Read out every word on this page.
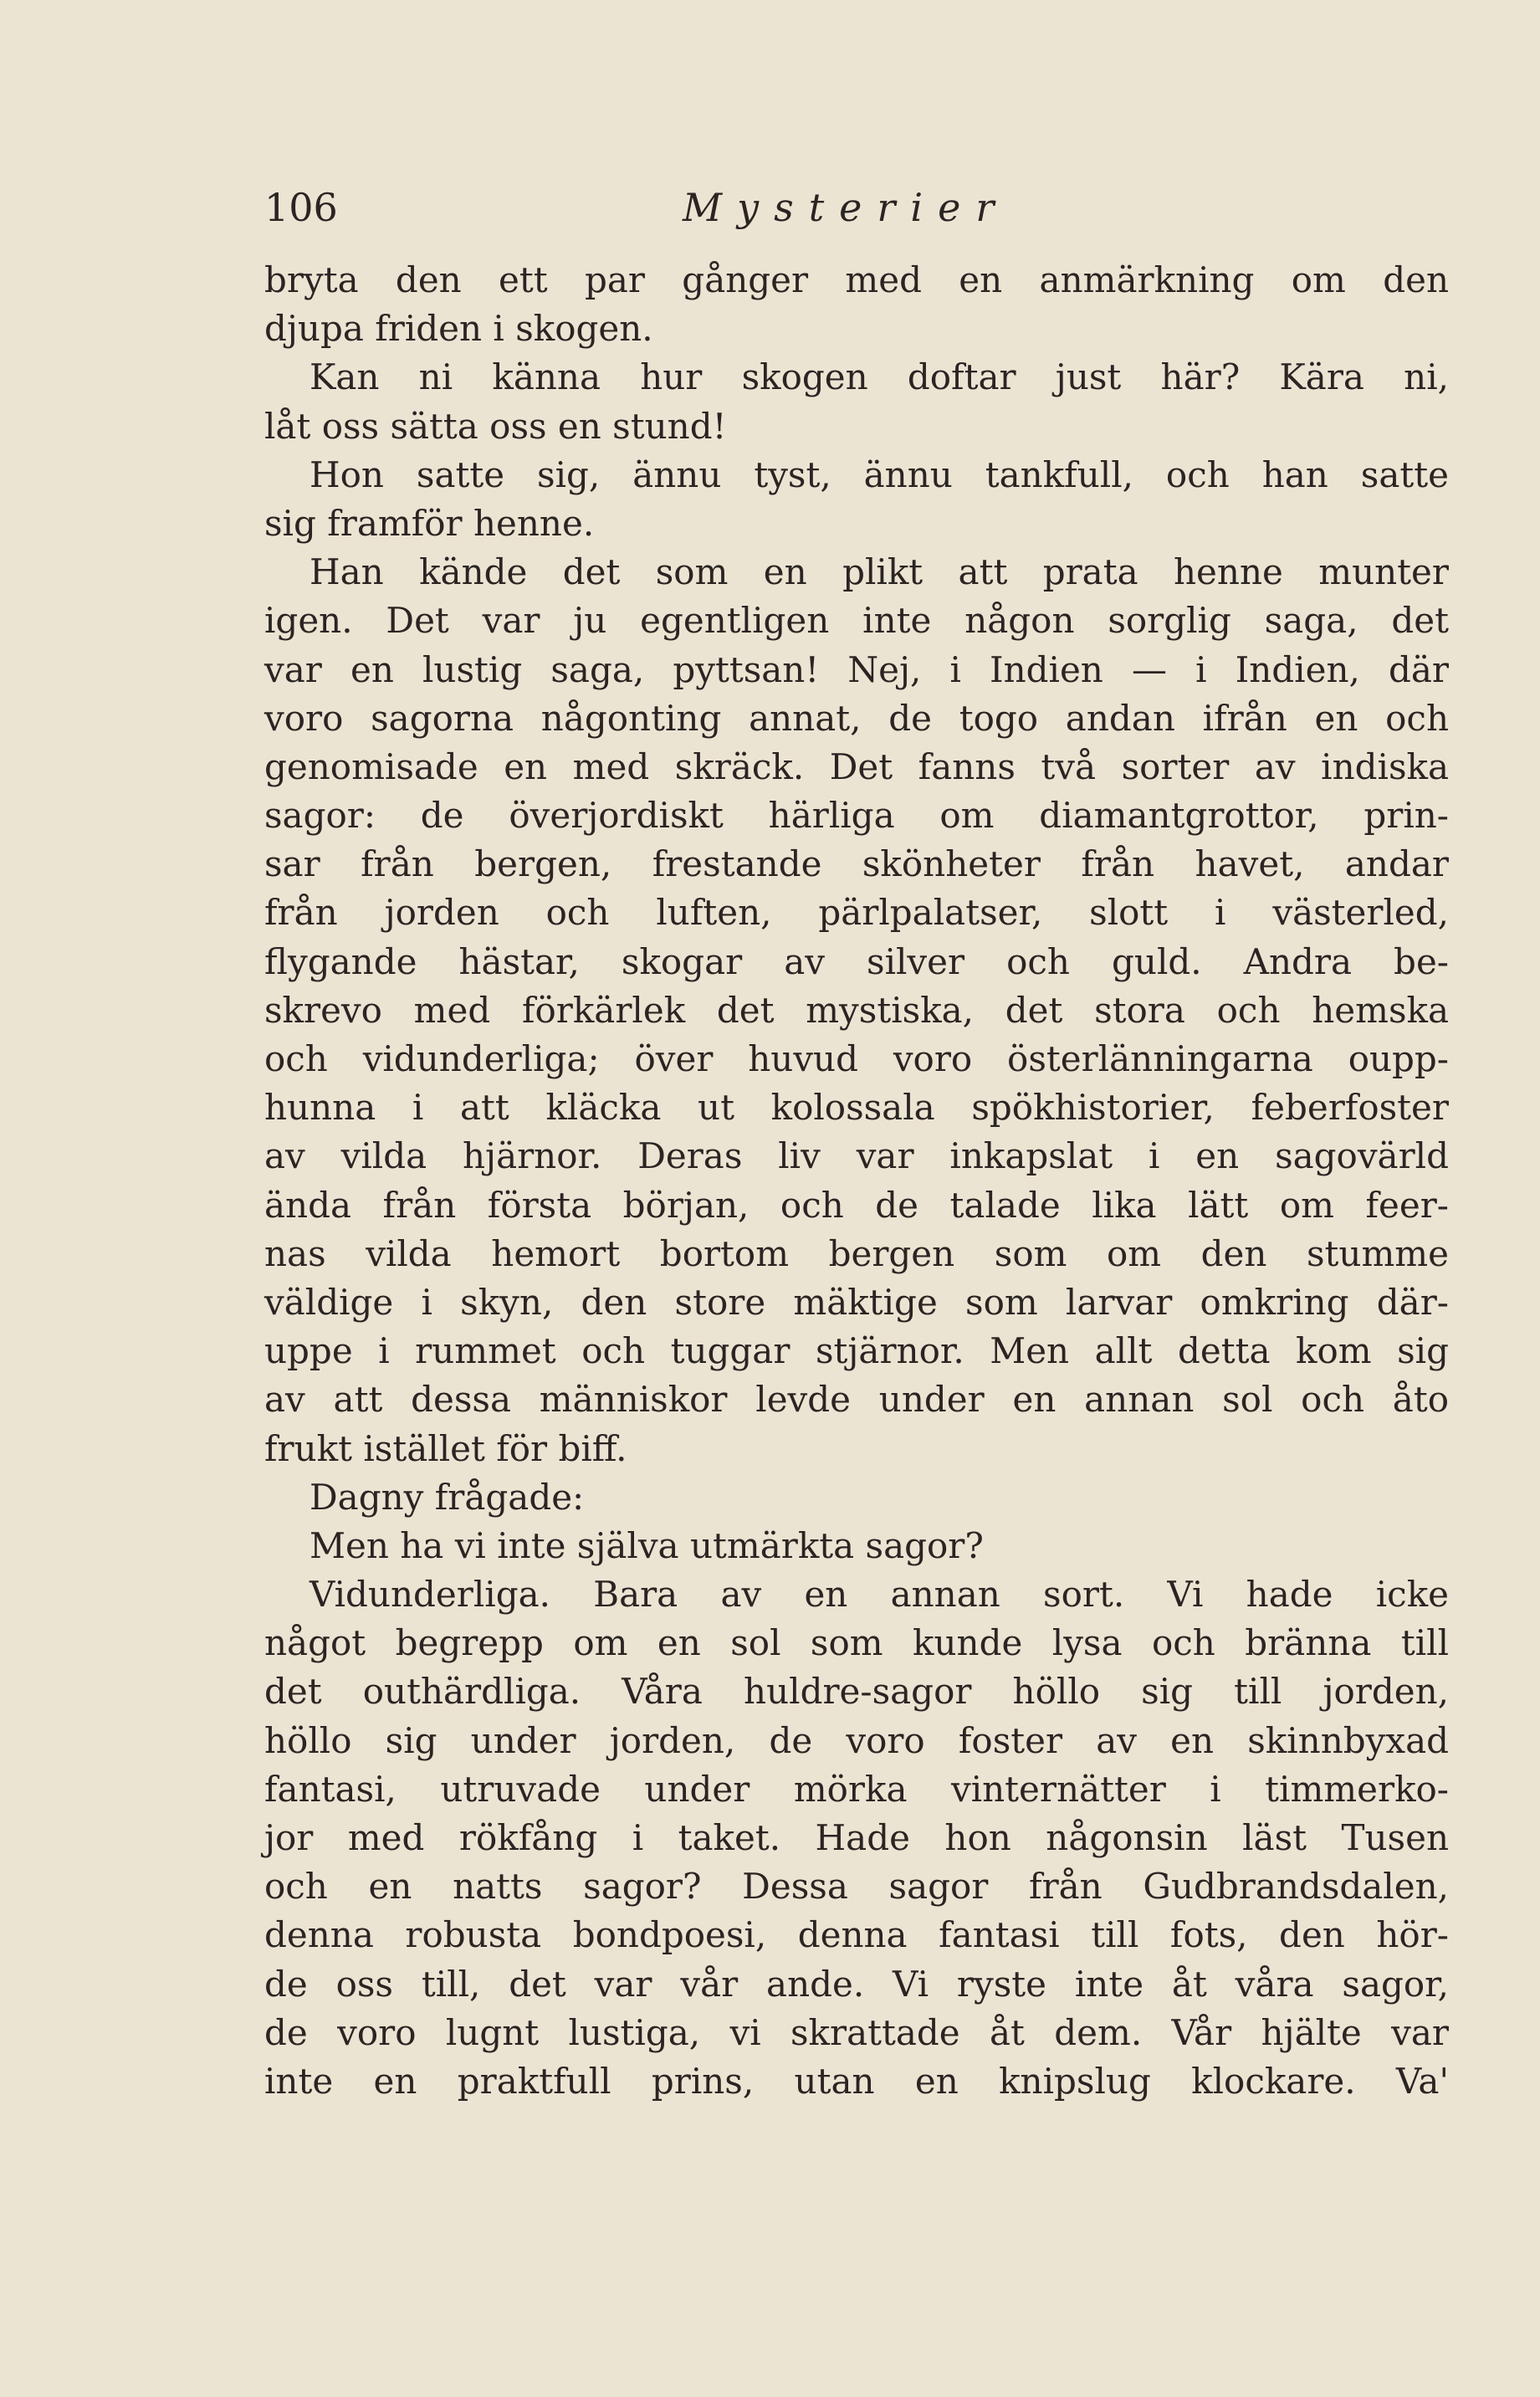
106	Mysterier
bryta den ett par gånger med en anmärkning om den
djupa friden i skogen.
Kan ni känna hur skogen doftar just här? Kära ni,
låt oss sätta oss en stund!
Hon satte sig, ännu tyst, ännu tankfull, och han satte
sig framför henne.
Han kände det som en plikt att prata henne munter
igen. Det var ju egentligen inte någon sorglig saga, det
var en lustig saga, pyttsan! Nej, i Indien — i Indien, där
voro sagorna någonting annat, de togo andan ifrån en och
genomisade en med skräck. Det fanns två sorter av indiska
sagor: de överjordiskt härliga om diamantgrottor, prin-
sar från bergen, frestande skönheter från havet, andar
från jorden och luften, pärlpalatser, slott i västerled,
flygande hästar, skogar av silver och guld. Andra be-
skrevo med förkärlek det mystiska, det stora och hemska
och vidunderliga; över huvud voro österlänningarna oupp-
hunna i att kläcka ut kolossala spökhistorier, feberfoster
av vilda hjärnor. Deras liv var inkapslat i en sagovärld
ända från första början, och de talade lika lätt om feer-
nas vilda hemort bortom bergen som om den stumme
väldige i skyn, den store mäktige som larvar omkring där-
uppe i rummet och tuggar stjärnor. Men allt detta kom sig
av att dessa människor levde under en annan sol och åto
frukt istället för biff.
Dagny frågade:
Men ha vi inte själva utmärkta sagor?
Vidunderliga. Bara av en annan sort. Vi hade icke
något begrepp om en sol som kunde lysa och bränna till
det outhärdliga. Våra huldre-sagor höllo sig till jorden,
höllo sig under jorden, de voro foster av en skinnbyxad
fantasi, utruvade under mörka vinternätter i timmerko-
jor med rökfång i taket. Hade hon någonsin läst Tusen
och en natts sagor? Dessa sagor från Gudbrandsdalen,
denna robusta bondpoesi, denna fantasi till fots, den hör-
de oss till, det var vår ande. Vi ryste inte åt våra sagor,
de voro lugnt lustiga, vi skrattade åt dem. Vår hjälte var
inte en praktfull prins, utan en knipslug klockare. Va'
